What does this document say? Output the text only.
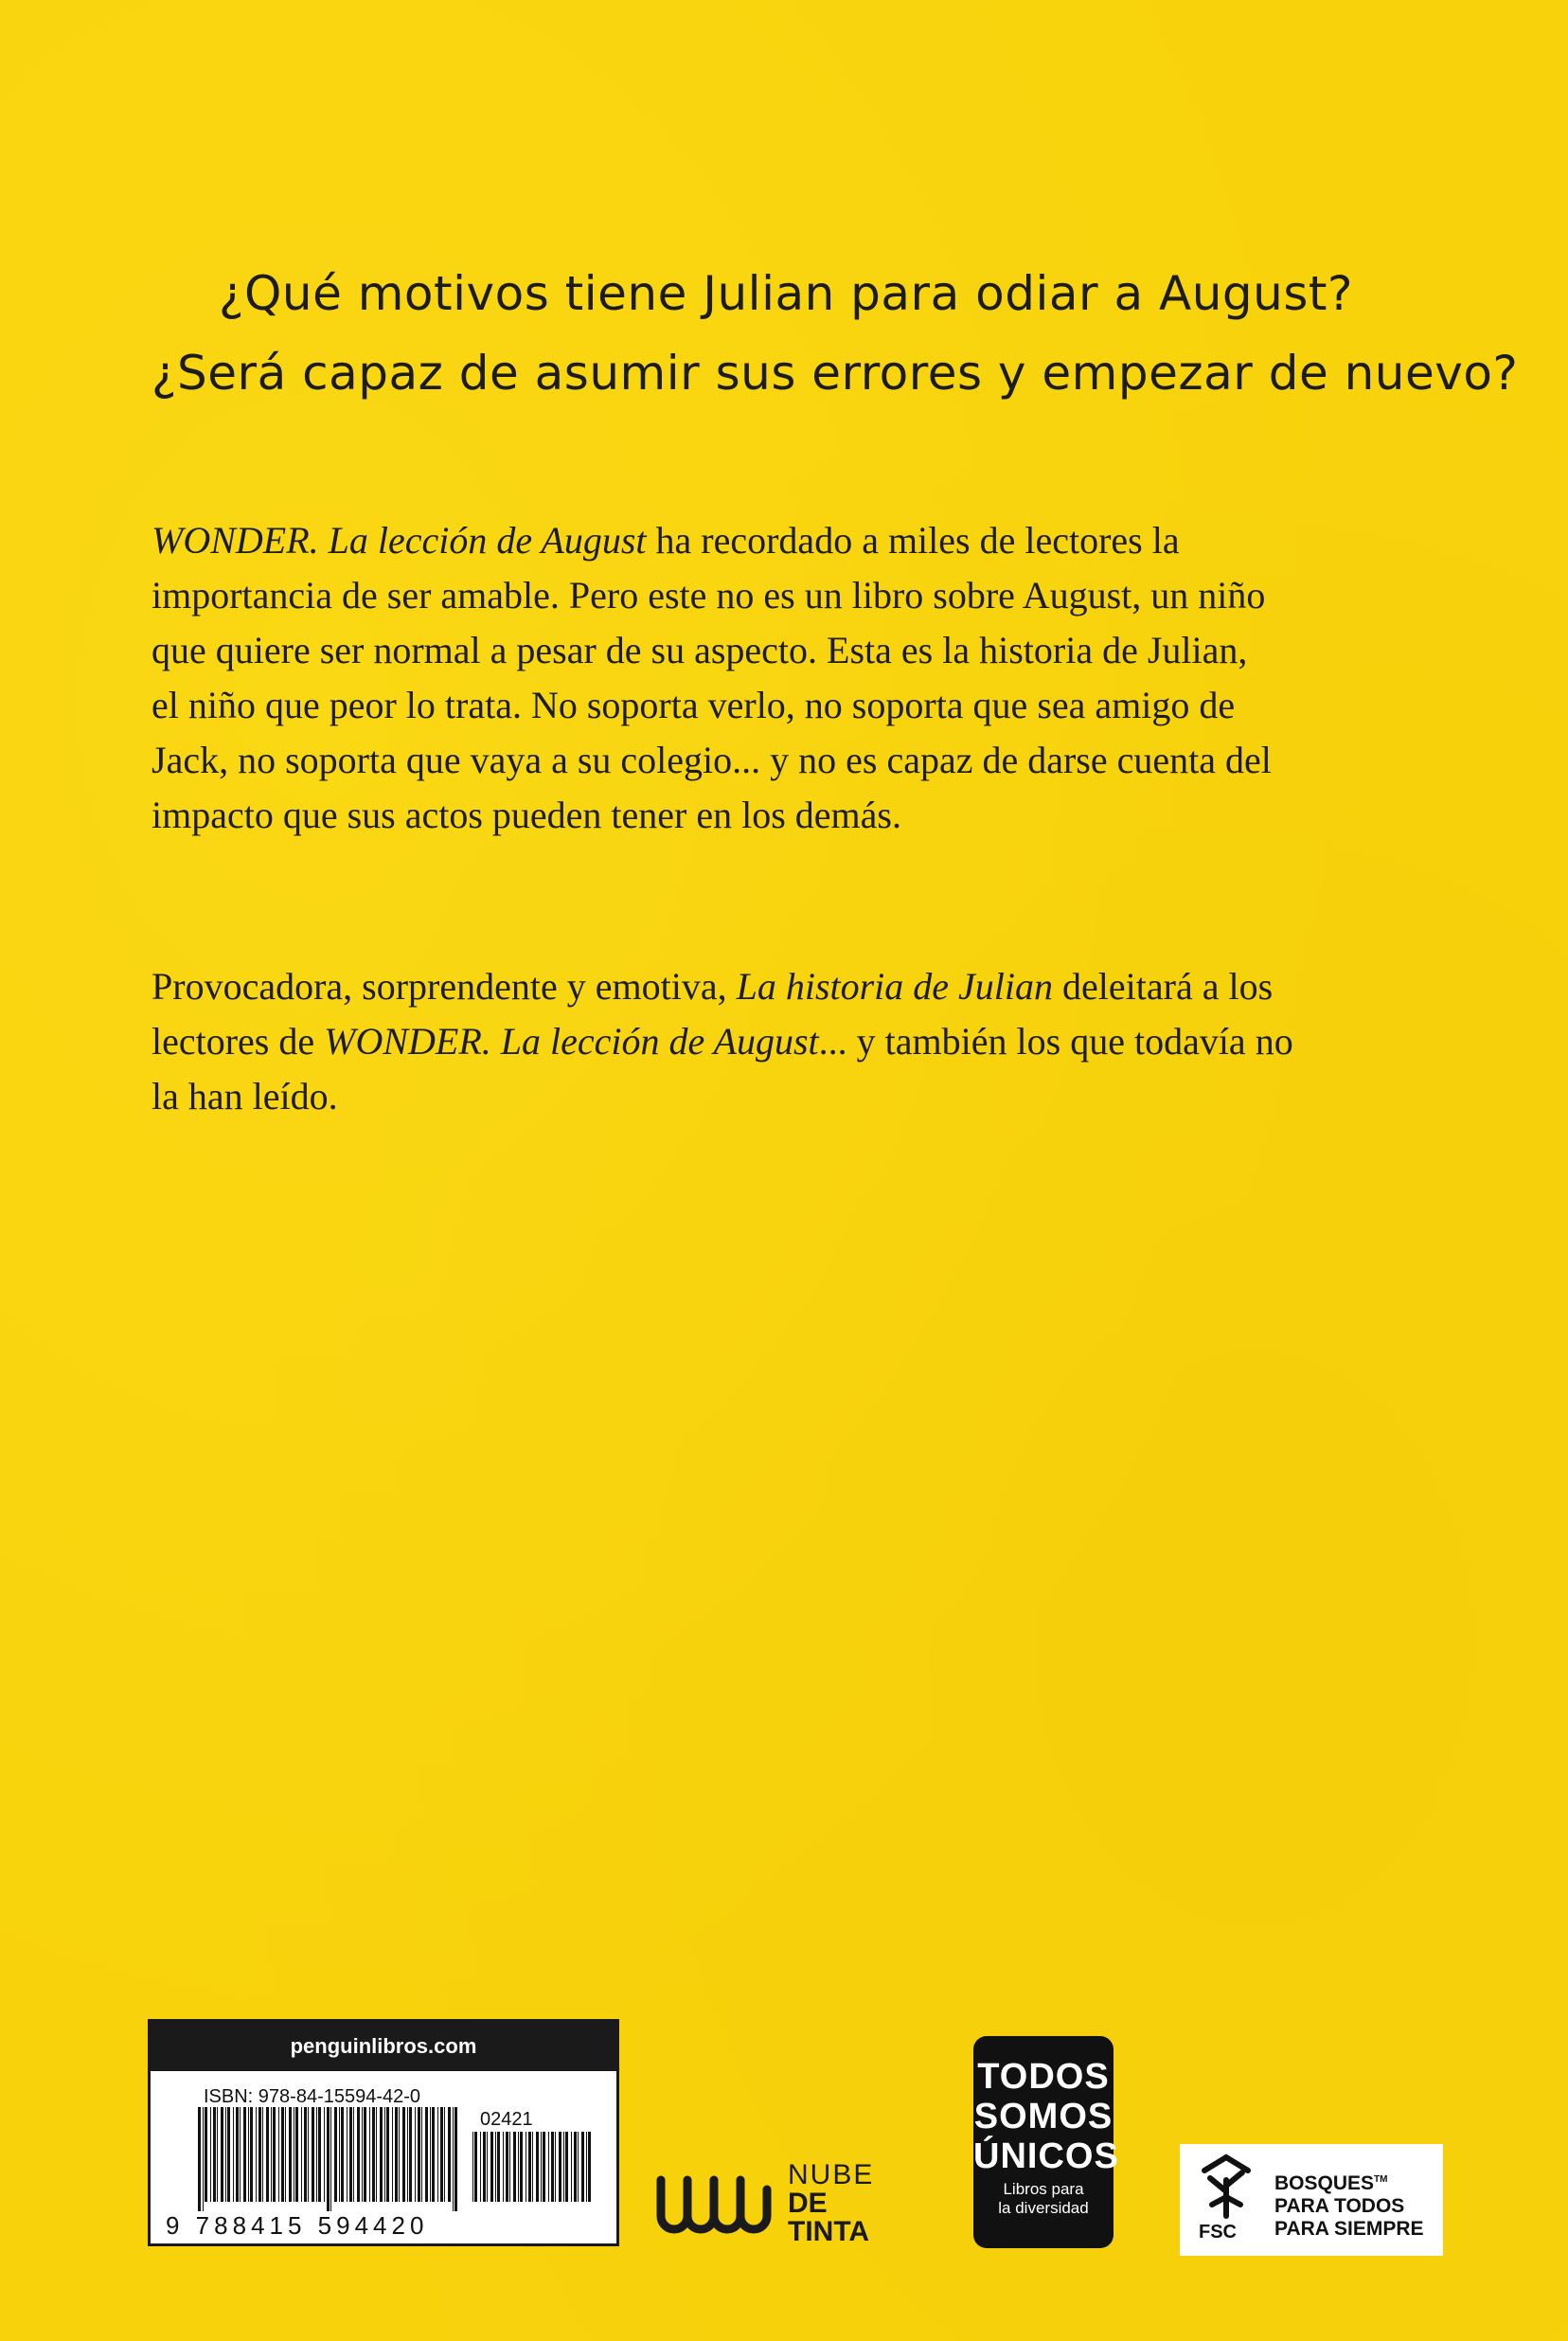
¿Qué motivos tiene Julian para odiar a August?
¿Será capaz de asumir sus errores y empezar de nuevo?
WONDER. La lección de August ha recordado a miles de lectores la
importancia de ser amable. Pero este no es un libro sobre August, un niño
que quiere ser normal a pesar de su aspecto. Esta es la historia de Julian,
el niño que peor lo trata. No soporta verlo, no soporta que sea amigo de
Jack, no soporta que vaya a su colegio... y no es capaz de darse cuenta del
impacto que sus actos pueden tener en los demás.
Provocadora, sorprendente y emotiva, La historia de Julian deleitará a los
lectores de WONDER. La lección de August... y también los que todavía no
la han leído.
penguinlibros.com
ISBN: 978-84-15594-42-0
02421
9 788415 594420
NUBE
DE
TINTA
TODOS
SOMOS
ÚNICOS
Libros para
la diversidad
FSC
BOSQUES™
PARA TODOS
PARA SIEMPRE
